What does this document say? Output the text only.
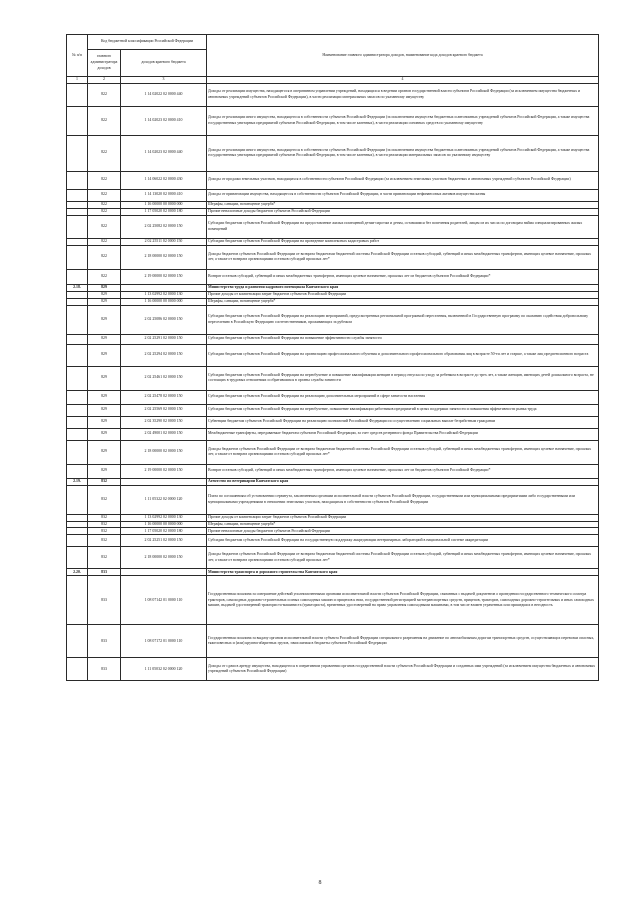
№ п/п	Код бюджетной классификации Российской Федерации		Наименование главного администратора доходов, наименование кода доходов краевого бюджета
	главного администратора доходов	доходов краевого бюджета	
1	2	3	4
	822	1 14 02022 02 0000 440	Доходы от реализации имущества, находящегося в оперативном управлении учреждений, находящихся в ведении органов государственной власти субъектов Российской Федерации (за исключением имущества бюджетных и автономных учреждений субъектов Российской Федерации), в части реализации материальных запасов по указанному имуществу
	822	1 14 02023 02 0000 410	Доходы от реализации иного имущества, находящегося в собственности субъектов Российской Федерации (за исключением имущества бюджетных и автономных учреждений субъектов Российской Федерации, а также имущества государственных унитарных предприятий субъектов Российской Федерации, в том числе казенных), в части реализации основных средств по указанному имуществу
	822	1 14 02023 02 0000 440	Доходы от реализации иного имущества, находящегося в собственности субъектов Российской Федерации (за исключением имущества бюджетных и автономных учреждений субъектов Российской Федерации, а также имущества государственных унитарных предприятий субъектов Российской Федерации, в том числе казенных), в части реализации материальных запасов по указанному имуществу
	822	1 14 06022 02 0000 430	Доходы от продажи земельных участков, находящихся в собственности субъектов Российской Федерации (за исключением земельных участков бюджетных и автономных учреждений субъектов Российской Федерации)
	822	1 14 13020 02 0000 410	Доходы от приватизации имущества, находящегося в собственности субъектов Российской Федерации, в части приватизации нефинансовых активов имущества казны
	822	1 16 00000 00 0000 000	Штрафы, санкции, возмещение ущерба*
	822	1 17 05020 02 0000 180	Прочие неналоговые доходы бюджетов субъектов Российской Федерации
	822	2 02 25082 02 0000 150	Субсидии бюджетам субъектов Российской Федерации на предоставление жилых помещений детям-сиротам и детям, оставшимся без попечения родителей, лицам из их числа по договорам найма специализированных жилых помещений
	822	2 02 25511 02 0000 150	Субсидии бюджетам субъектов Российской Федерации на проведение комплексных кадастровых работ
	822	2 18 00000 02 0000 150	Доходы бюджетов субъектов Российской Федерации от возврата бюджетами бюджетной системы Российской Федерации остатков субсидий, субвенций и иных межбюджетных трансфертов, имеющих целевое назначение, прошлых лет, а также от возврата организациями остатков субсидий прошлых лет*
	822	2 19 00000 02 0000 150	Возврат остатков субсидий, субвенций и иных межбюджетных трансфертов, имеющих целевое назначение, прошлых лет из бюджетов субъектов Российской Федерации*
2.18.	829		Министерство труда и развития кадрового потенциала Камчатского края
	829	1 13 02992 02 0000 130	Прочие доходы от компенсации затрат бюджетов субъектов Российской Федерации
	829	1 16 00000 00 0000 000	Штрафы, санкции, возмещение ущерба*
	829	2 02 25086 02 0000 150	Субсидии бюджетам субъектов Российской Федерации на реализацию мероприятий, предусмотренных региональной программой переселения, включенной в Государственную программу по оказанию содействия добровольному переселению в Российскую Федерацию соотечественников, проживающих за рубежом
	829	2 02 25291 02 0000 150	Субсидии бюджетам субъектов Российской Федерации на повышение эффективности службы занятости
	829	2 02 25294 02 0000 150	Субсидии бюджетам субъектов Российской Федерации на организацию профессионального обучения и дополнительного профессионального образования лиц в возрасте 50-ти лет и старше, а также лиц предпенсионного возраста
	829	2 02 25461 02 0000 150	Субсидии бюджетам субъектов Российской Федерации на переобучение и повышение квалификации женщин в период отпуска по уходу за ребенком в возрасте до трех лет, а также женщин, имеющих детей дошкольного возраста, не состоящих в трудовых отношениях и обратившихся в органы службы занятости
	829	2 02 25478 02 0000 150	Субсидии бюджетам субъектов Российской Федерации на реализацию дополнительных мероприятий в сфере занятости населения
	829	2 02 25569 02 0000 150	Субсидии бюджетам субъектов Российской Федерации на переобучение, повышение квалификации работников предприятий в целях поддержки занятости и повышения эффективности рынка труда
	829	2 02 35290 02 0000 150	Субвенции бюджетам субъектов Российской Федерации на реализацию полномочий Российской Федерации по осуществлению социальных выплат безработным гражданам
	829	2 02 49001 02 0000 150	Межбюджетные трансферты, передаваемые бюджетам субъектов Российской Федерации, за счет средств резервного фонда Правительства Российской Федерации
	829	2 18 00000 02 0000 150	Доходы бюджетов субъектов Российской Федерации от возврата бюджетами бюджетной системы Российской Федерации остатков субсидий, субвенций и иных межбюджетных трансфертов, имеющих целевое назначение, прошлых лет, а также от возврата организациями остатков субсидий прошлых лет*
	829	2 19 00000 02 0000 150	Возврат остатков субсидий, субвенций и иных межбюджетных трансфертов, имеющих целевое назначение, прошлых лет из бюджетов субъектов Российской Федерации*
2.19.	832		Агентство по ветеринарии Камчатского края
	832	1 11 05322 02 0000 120	Плата по соглашениям об установлении сервитута, заключенным органами исполнительной власти субъектов Российской Федерации, государственными или муниципальными предприятиями либо государственными или муниципальными учреждениями в отношении земельных участков, находящихся в собственности субъектов Российской Федерации
	832	1 13 02992 02 0000 130	Прочие доходы от компенсации затрат бюджетов субъектов Российской Федерации
	832	1 16 00000 00 0000 000	Штрафы, санкции, возмещение ущерба*
	832	1 17 05020 02 0000 180	Прочие неналоговые доходы бюджетов субъектов Российской Федерации
	832	2 02 25251 02 0000 150	Субсидии бюджетам субъектов Российской Федерации на государственную поддержку аккредитации ветеринарных лабораторий в национальной системе аккредитации
	832	2 18 00000 02 0000 150	Доходы бюджетов субъектов Российской Федерации от возврата бюджетами бюджетной системы Российской Федерации остатков субсидий, субвенций и иных межбюджетных трансфертов, имеющих целевое назначение, прошлых лет, а также от возврата организациями остатков субсидий прошлых лет*
2.20.	833		Министерство транспорта и дорожного строительства Камчатского края
	833	1 08 07142 01 0000 110	Государственная пошлина за совершение действий уполномоченными органами исполнительной власти субъектов Российской Федерации, связанных с выдачей документов о проведении государственного технического осмотра тракторов, самоходных дорожно-строительных и иных самоходных машин и прицепов к ним, государственной регистрацией мототранспортных средств, прицепов, тракторов, самоходных дорожно-строительных и иных самоходных машин, выдачей удостоверений тракториста-машиниста (тракториста), временных удостоверений на право управления самоходными машинами, в том числе взамен утраченных или пришедших в негодность
	833	1 08 07172 01 0000 110	Государственная пошлина за выдачу органом исполнительной власти субъекта Российской Федерации специального разрешения на движение по автомобильным дорогам транспортных средств, осуществляющих перевозки опасных, тяжеловесных и (или) крупногабаритных грузов, зачисляемая в бюджеты субъектов Российской Федерации
	833	1 11 05032 02 0000 120	Доходы от сдачи в аренду имущества, находящегося в оперативном управлении органов государственной власти субъектов Российской Федерации и созданных ими учреждений (за исключением имущества бюджетных и автономных учреждений субъектов Российской Федерации)
8
